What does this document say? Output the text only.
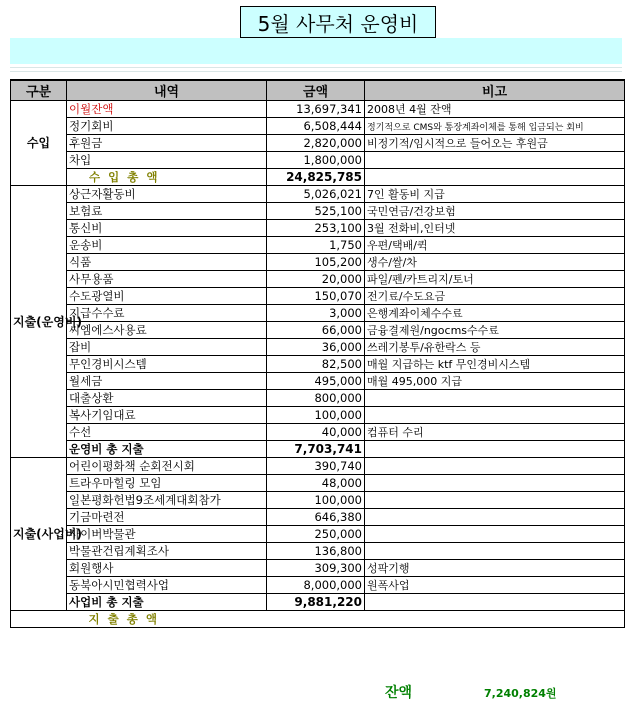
5월 사무처 운영비
구분	내역	금액	비고
수입	이월잔액	13,697,341	2008년 4월 잔액
	정기회비	6,508,444	정기적으로 CMS와 통장계좌이체를 통해 입금되는 회비
	후원금	2,820,000	비정기적/임시적으로 들어오는 후원금
	차입	1,800,000	
	수 입 총 액	24,825,785	
지출(운영비)	상근자활동비	5,026,021	7인 활동비 지급
	보험료	525,100	국민연금/건강보험
	통신비	253,100	3월 전화비,인터넷
	운송비	1,750	우편/택배/퀵
	식품	105,200	생수/쌀/차
	사무용품	20,000	파일/펜/카트리지/토너
	수도광열비	150,070	전기료/수도요금
	지급수수료	3,000	은행계좌이체수수료
	씨엠에스사용료	66,000	금융결제원/ngocms수수료
	잡비	36,000	쓰레기봉투/유한락스 등
	무인경비시스템	82,500	매월 지급하는 ktf 무인경비시스템
	월세금	495,000	매월 495,000 지급
	대출상환	800,000	
	복사기임대료	100,000	
	수선	40,000	컴퓨터 수리
	운영비 총 지출	7,703,741	
지출(사업비)	어린이평화책 순회전시회	390,740	
	트라우마힐링 모임	48,000	
	일본평화헌법9조세계대회참가	100,000	
	기금마련전	646,380	
	사이버박물관	250,000	
	박물관건립계획조사	136,800	
	회원행사	309,300	성팍기행
	동북아시민협력사업	8,000,000	원폭사업
	사업비 총 지출	9,881,220	
	지 출 총 액		
잔액	7,240,824원
